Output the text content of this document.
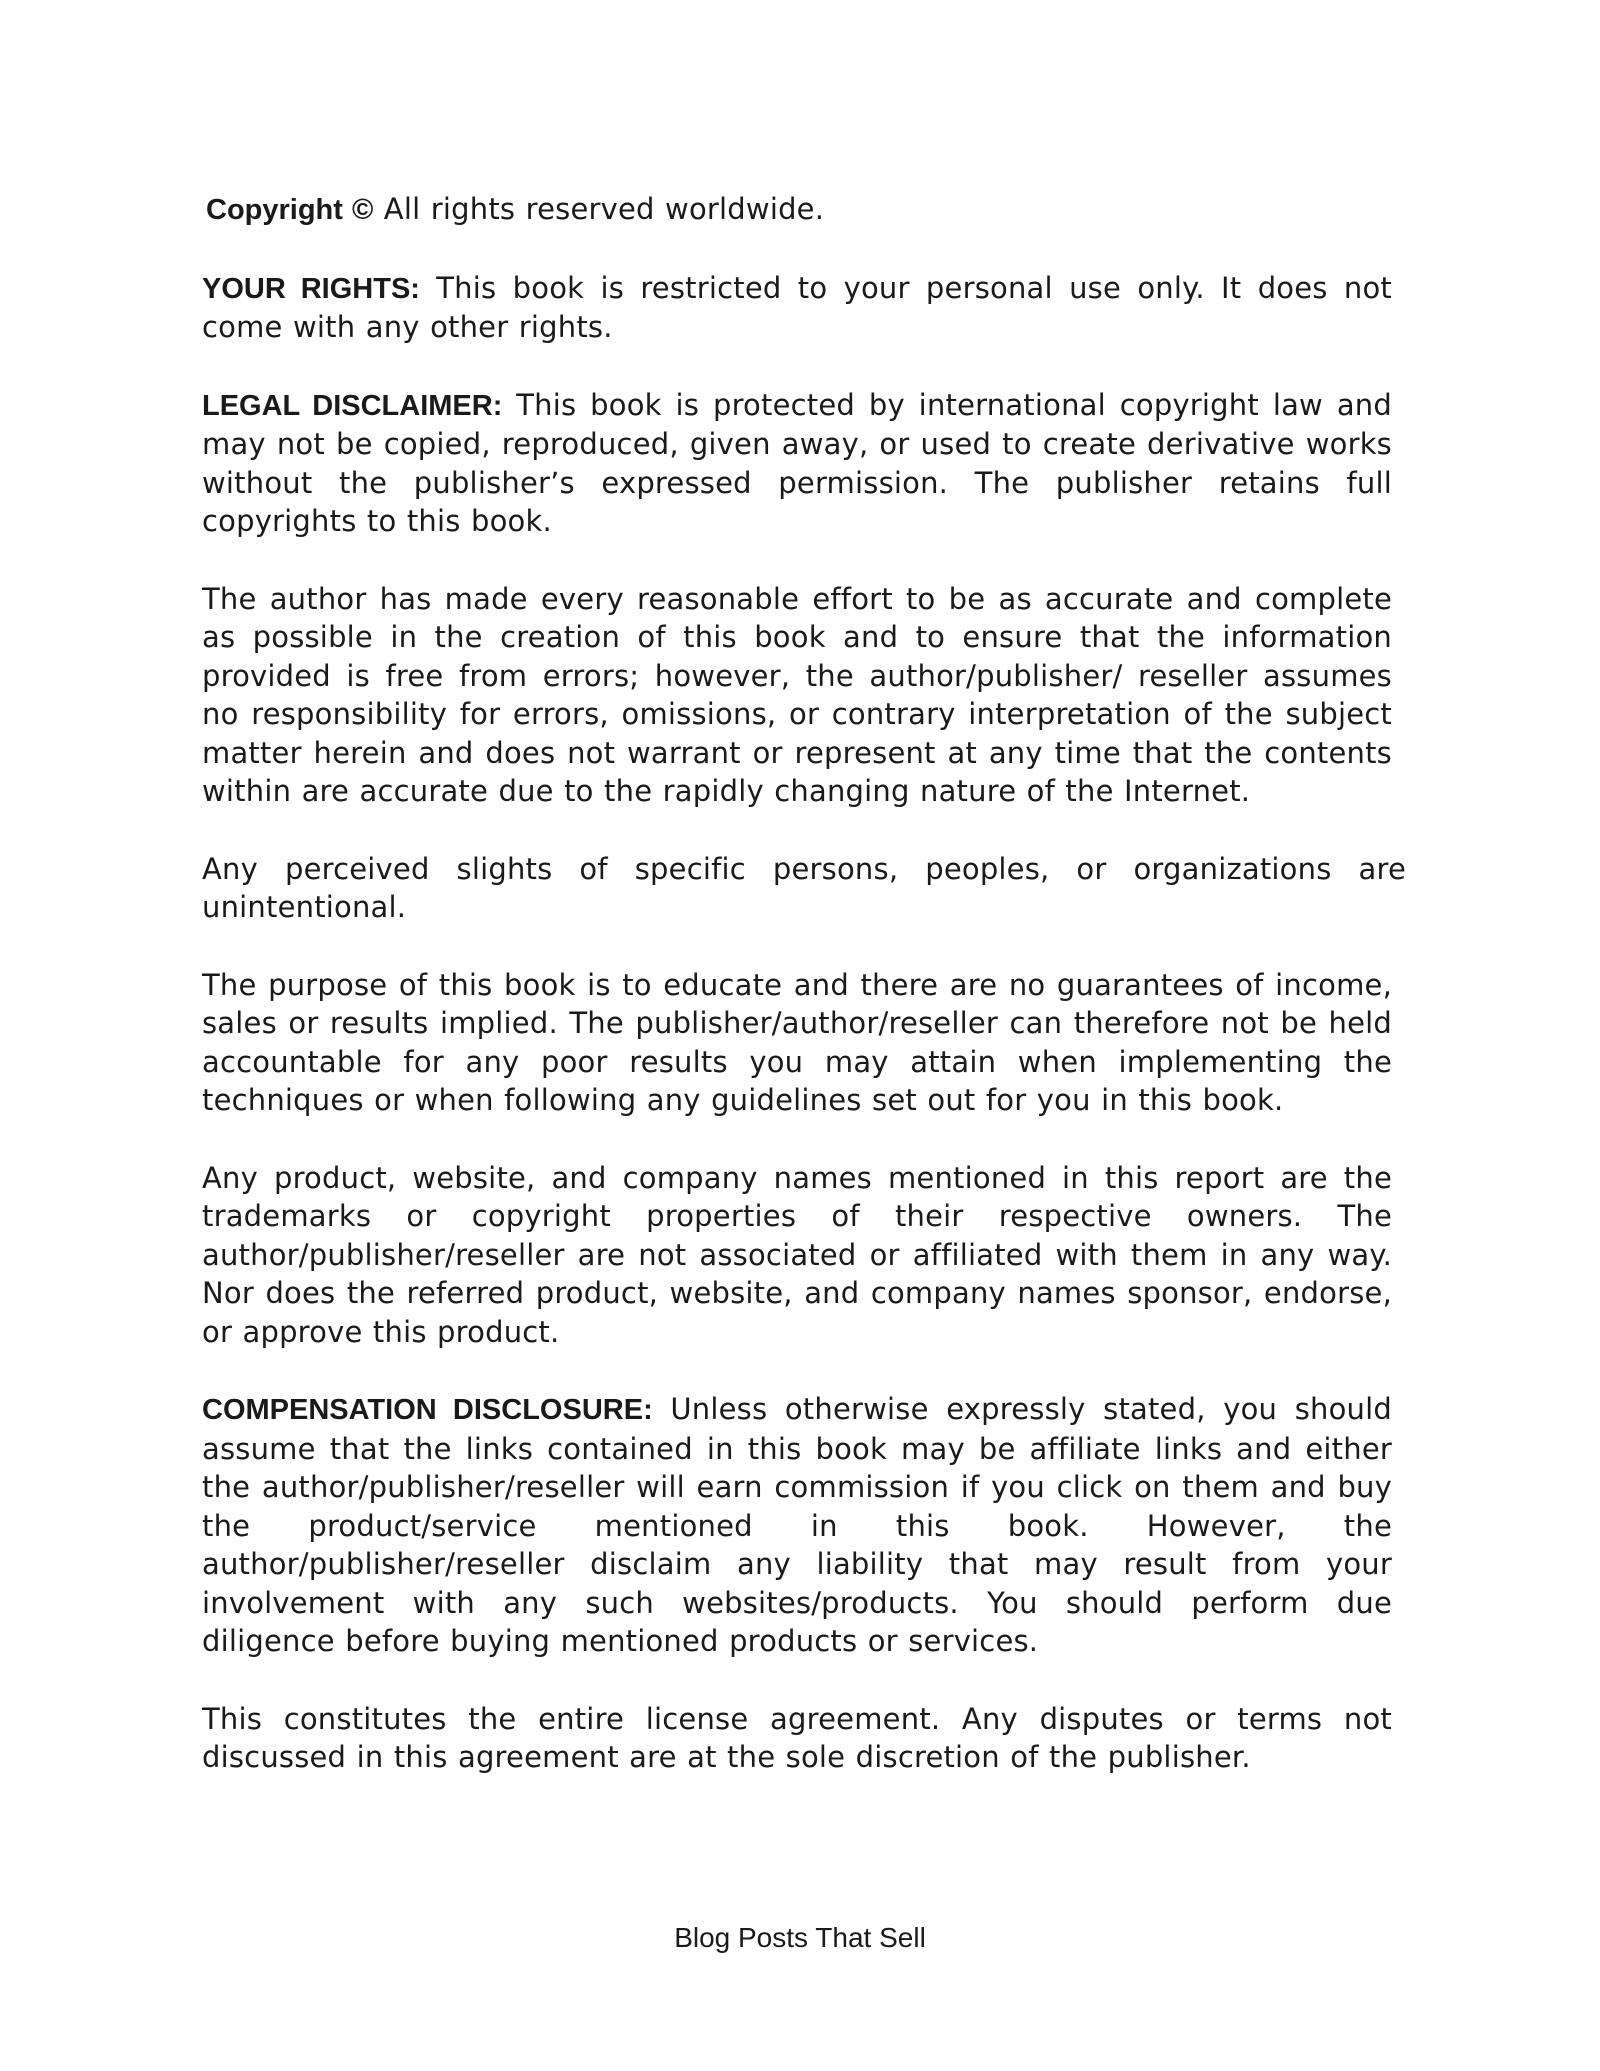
Copyright © All rights reserved worldwide.

YOUR RIGHTS: This book is restricted to your personal use only. It does not come with any other rights.

LEGAL DISCLAIMER: This book is protected by international copyright law and may not be copied, reproduced, given away, or used to create derivative works without the publisher’s expressed permission. The publisher retains full copyrights to this book.

The author has made every reasonable effort to be as accurate and complete as possible in the creation of this book and to ensure that the information provided is free from errors; however, the author/publisher/ reseller assumes no responsibility for errors, omissions, or contrary interpretation of the subject matter herein and does not warrant or represent at any time that the contents within are accurate due to the rapidly changing nature of the Internet.

Any perceived slights of specific persons, peoples, or organizations are unintentional.

The purpose of this book is to educate and there are no guarantees of income, sales or results implied. The publisher/author/reseller can therefore not be held accountable for any poor results you may attain when implementing the techniques or when following any guidelines set out for you in this book.

Any product, website, and company names mentioned in this report are the trademarks or copyright properties of their respective owners. The author/publisher/reseller are not associated or affiliated with them in any way. Nor does the referred product, website, and company names sponsor, endorse, or approve this product.

COMPENSATION DISCLOSURE: Unless otherwise expressly stated, you should assume that the links contained in this book may be affiliate links and either the author/publisher/reseller will earn commission if you click on them and buy the product/service mentioned in this book. However, the author/publisher/reseller disclaim any liability that may result from your involvement with any such websites/products. You should perform due diligence before buying mentioned products or services.

This constitutes the entire license agreement. Any disputes or terms not discussed in this agreement are at the sole discretion of the publisher.

Blog Posts That Sell
